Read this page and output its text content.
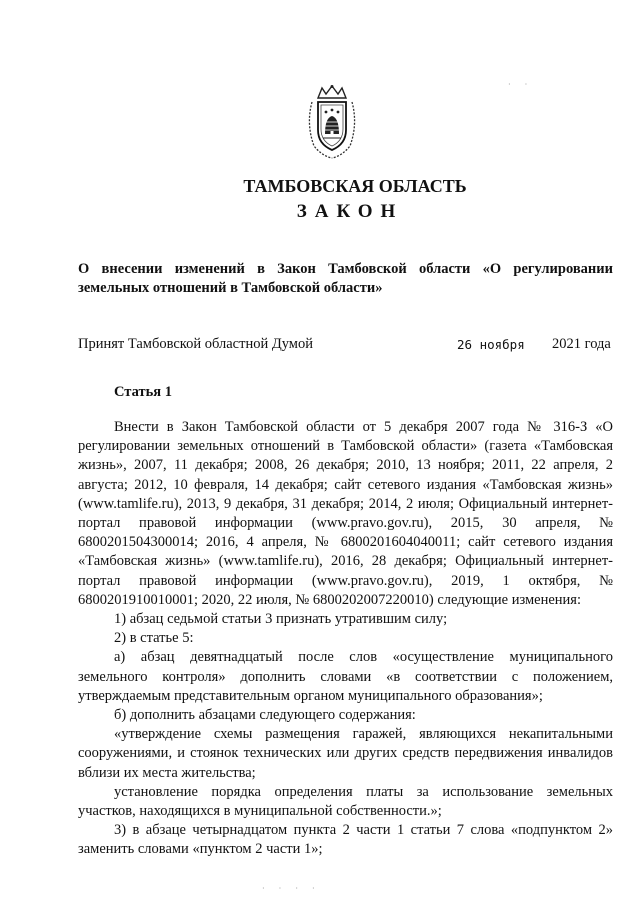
ТАМБОВСКАЯ ОБЛАСТЬ
ЗАКОН
О внесении изменений в Закон Тамбовской области «О регулировании земельных отношений в Тамбовской области»
Принят Тамбовской областной Думой	26 ноября 2021 года
Статья 1

Внести в Закон Тамбовской области от 5 декабря 2007 года № 316-З «О регулировании земельных отношений в Тамбовской области» (газета «Тамбовская жизнь», 2007, 11 декабря; 2008, 26 декабря; 2010, 13 ноября; 2011, 22 апреля, 2 августа; 2012, 10 февраля, 14 декабря; сайт сетевого издания «Тамбовская жизнь» (www.tamlife.ru), 2013, 9 декабря, 31 декабря; 2014, 2 июля; Официальный интернет-портал правовой информации (www.pravo.gov.ru), 2015, 30 апреля, № 6800201504300014; 2016, 4 апреля, № 6800201604040011; сайт сетевого издания «Тамбовская жизнь» (www.tamlife.ru), 2016, 28 декабря; Официальный интернет-портал правовой информации (www.pravo.gov.ru), 2019, 1 октября, № 6800201910010001; 2020, 22 июля, № 6800202007220010) следующие изменения:

1) абзац седьмой статьи 3 признать утратившим силу;

2) в статье 5:

а) абзац девятнадцатый после слов «осуществление муниципального земельного контроля» дополнить словами «в соответствии с положением, утверждаемым представительным органом муниципального образования»;

б) дополнить абзацами следующего содержания:

«утверждение схемы размещения гаражей, являющихся некапитальными сооружениями, и стоянок технических или других средств передвижения инвалидов вблизи их места жительства;

установление порядка определения платы за использование земельных участков, находящихся в муниципальной собственности.»;

3) в абзаце четырнадцатом пункта 2 части 1 статьи 7 слова «подпунктом 2» заменить словами «пунктом 2 части 1»;

· ·
· · · ·
